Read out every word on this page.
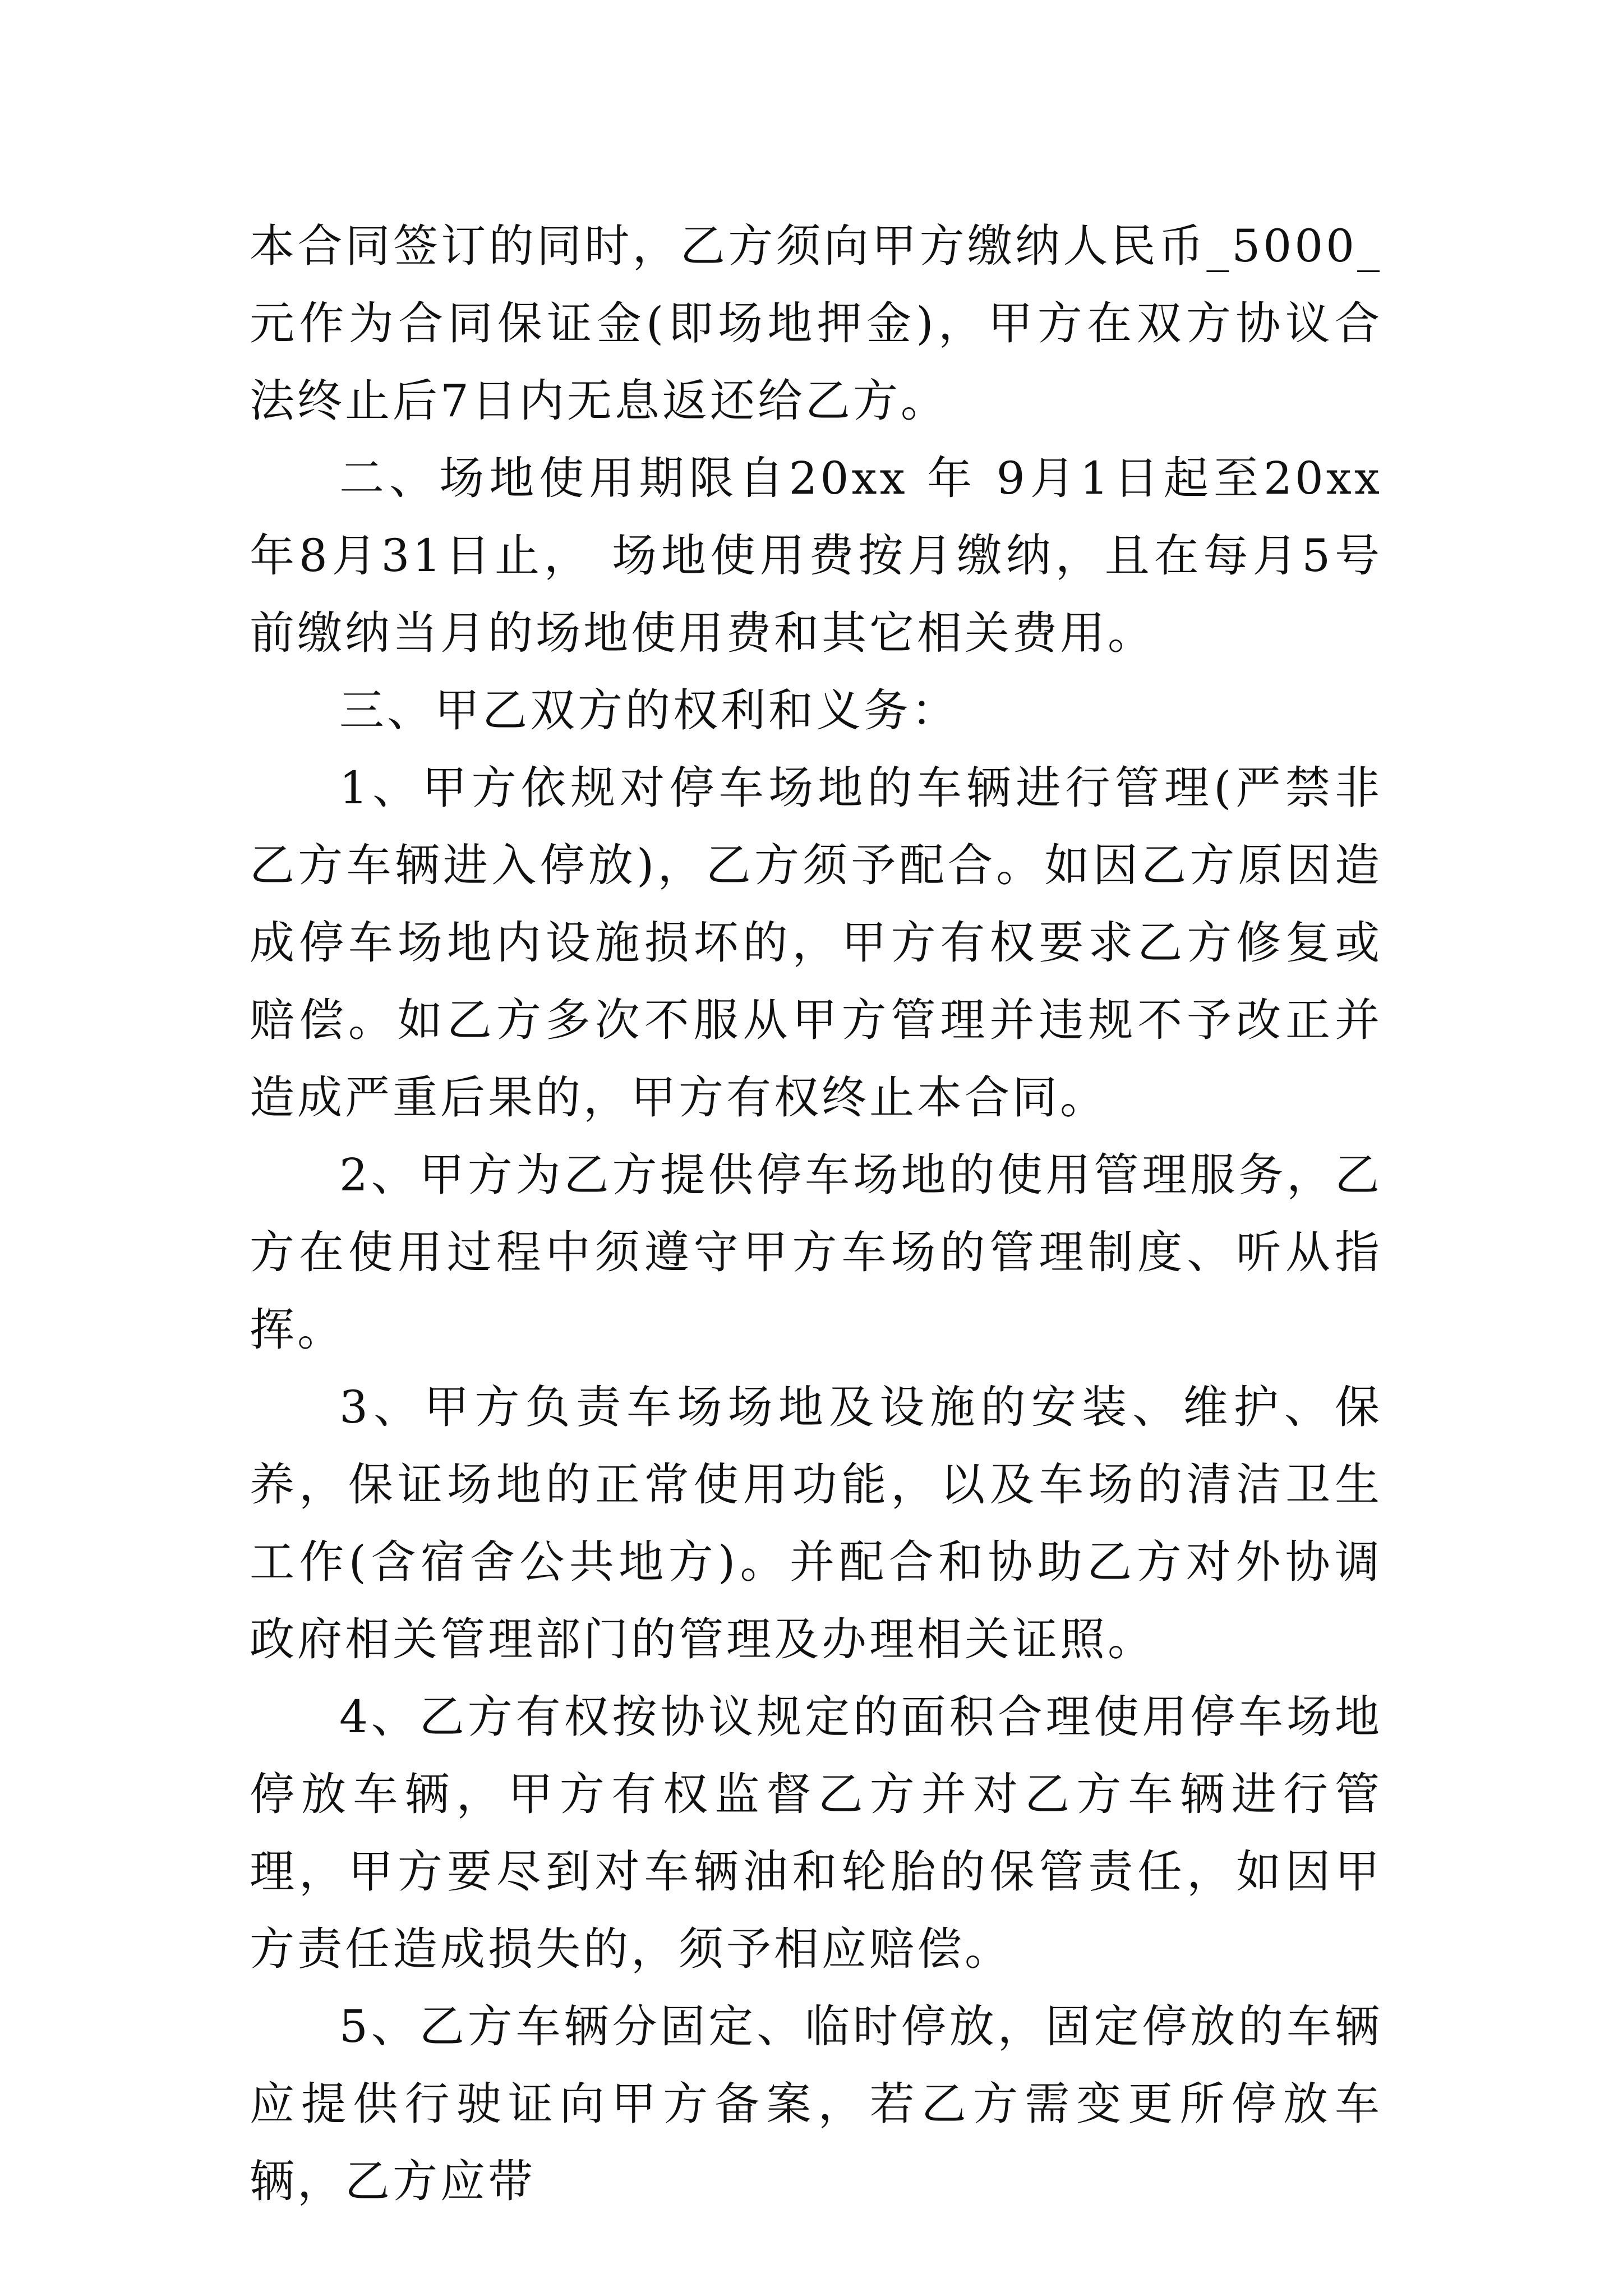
本合同签订的同时，乙方须向甲方缴纳人民币_5000_元作为合同保证金(即场地押金)，甲方在双方协议合法终止后7日内无息返还给乙方。

二、场地使用期限自20xx 年 9月1日起至20xx年8月31日止， 场地使用费按月缴纳，且在每月5号前缴纳当月的场地使用费和其它相关费用。

三、甲乙双方的权利和义务：

1、甲方依规对停车场地的车辆进行管理(严禁非乙方车辆进入停放)，乙方须予配合。如因乙方原因造成停车场地内设施损坏的，甲方有权要求乙方修复或赔偿。如乙方多次不服从甲方管理并违规不予改正并造成严重后果的，甲方有权终止本合同。

2、甲方为乙方提供停车场地的使用管理服务，乙方在使用过程中须遵守甲方车场的管理制度、听从指挥。

3、甲方负责车场场地及设施的安装、维护、保养，保证场地的正常使用功能，以及车场的清洁卫生工作(含宿舍公共地方)。并配合和协助乙方对外协调政府相关管理部门的管理及办理相关证照。

4、乙方有权按协议规定的面积合理使用停车场地停放车辆，甲方有权监督乙方并对乙方车辆进行管理，甲方要尽到对车辆油和轮胎的保管责任，如因甲方责任造成损失的，须予相应赔偿。

5、乙方车辆分固定、临时停放，固定停放的车辆应提供行驶证向甲方备案，若乙方需变更所停放车辆，乙方应带
